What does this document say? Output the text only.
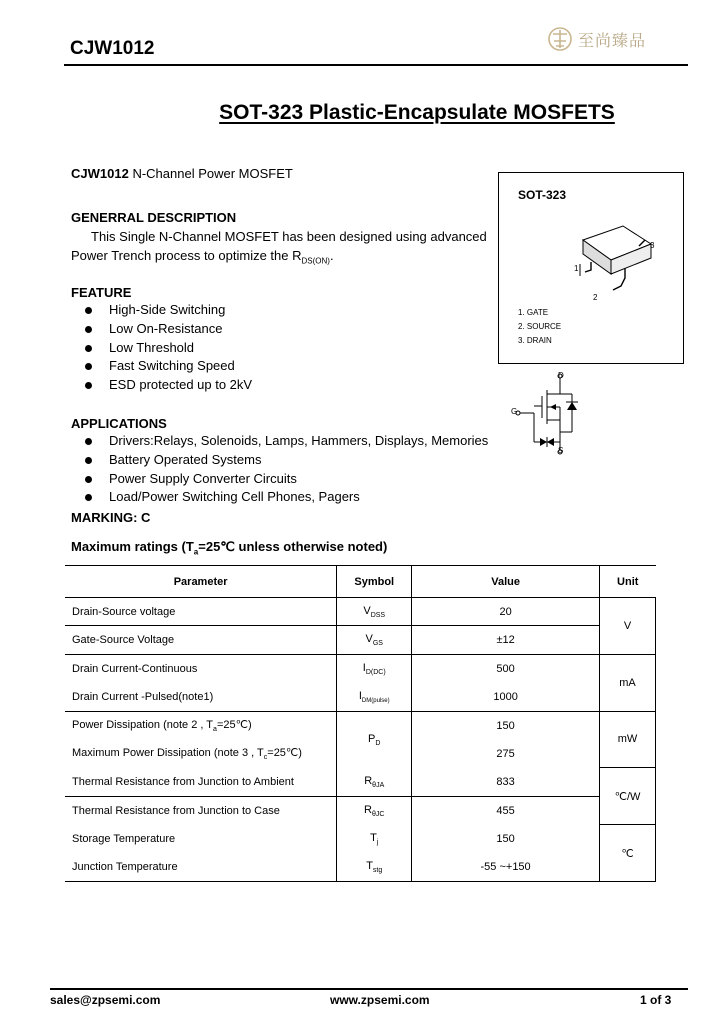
CJW1012	至尚臻品
SOT-323 Plastic-Encapsulate MOSFETS
CJW1012 N-Channel Power MOSFET
GENERRAL DESCRIPTION
This Single N-Channel MOSFET has been designed using advanced
Power Trench process to optimize the $R_{DS(ON)}$.
FEATURE
High-Side Switching
Low On-Resistance
Low Threshold
Fast Switching Speed
ESD protected up to 2kV
APPLICATIONS
Drivers:Relays, Solenoids, Lamps, Hammers, Displays, Memories
Battery Operated Systems
Power Supply Converter Circuits
Load/Power Switching Cell Phones, Pagers
MARKING: C
SOT-323
1
2
3
1. GATE
2. SOURCE
3. DRAIN
D
G
S
Maximum ratings ($T_a=25℃$ unless otherwise noted)
Parameter	Symbol	Value	Unit
Drain-Source voltage	$V_{DSS}$	20	V
Gate-Source Voltage	$V_{GS}$	±12	
Drain Current-Continuous	$I_{D(DC)}$	500	mA
Drain Current -Pulsed(note1)	$I_{DM(pulse)}$	1000	
Power Dissipation (note 2 , $T_a=25℃$)	$P_D$	150	mW
Maximum Power Dissipation (note 3 , $T_c=25℃$)		275	
Thermal Resistance from Junction to Ambient	$R_{\theta JA}$	833	℃/W
Thermal Resistance from Junction to Case	$R_{\theta JC}$	455	
Storage Temperature	$T_j$	150	℃
Junction Temperature	$T_{stg}$	-55 ~+150	
sales@zpsemi.com	www.zpsemi.com	1 of 3
